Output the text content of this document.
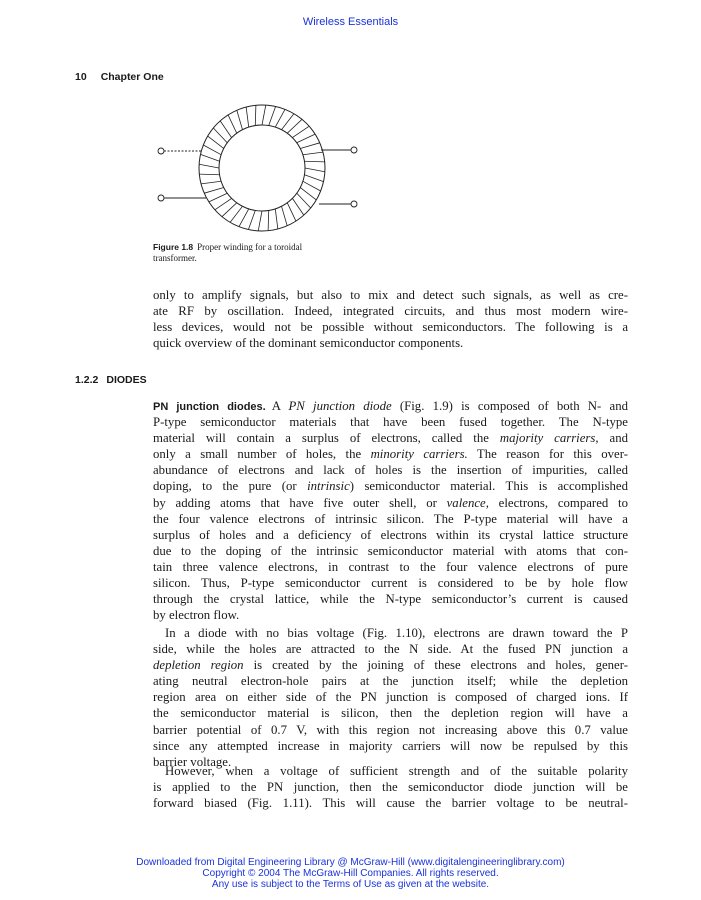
Wireless Essentials
10 Chapter One
Figure 1.8 Proper winding for a toroidal
transformer.
only to amplify signals, but also to mix and detect such signals, as well as cre-
ate RF by oscillation. Indeed, integrated circuits, and thus most modern wire-
less devices, would not be possible without semiconductors. The following is a
quick overview of the dominant semiconductor components.
1.2.2 DIODES
PN junction diodes. A PN junction diode (Fig. 1.9) is composed of both N- and
P-type semiconductor materials that have been fused together. The N-type
material will contain a surplus of electrons, called the majority carriers, and
only a small number of holes, the minority carriers. The reason for this over-
abundance of electrons and lack of holes is the insertion of impurities, called
doping, to the pure (or intrinsic) semiconductor material. This is accomplished
by adding atoms that have five outer shell, or valence, electrons, compared to
the four valence electrons of intrinsic silicon. The P-type material will have a
surplus of holes and a deficiency of electrons within its crystal lattice structure
due to the doping of the intrinsic semiconductor material with atoms that con-
tain three valence electrons, in contrast to the four valence electrons of pure
silicon. Thus, P-type semiconductor current is considered to be by hole flow
through the crystal lattice, while the N-type semiconductor’s current is caused
by electron flow.
In a diode with no bias voltage (Fig. 1.10), electrons are drawn toward the P
side, while the holes are attracted to the N side. At the fused PN junction a
depletion region is created by the joining of these electrons and holes, gener-
ating neutral electron-hole pairs at the junction itself; while the depletion
region area on either side of the PN junction is composed of charged ions. If
the semiconductor material is silicon, then the depletion region will have a
barrier potential of 0.7 V, with this region not increasing above this 0.7 value
since any attempted increase in majority carriers will now be repulsed by this
barrier voltage.
However, when a voltage of sufficient strength and of the suitable polarity
is applied to the PN junction, then the semiconductor diode junction will be
forward biased (Fig. 1.11). This will cause the barrier voltage to be neutral-
Downloaded from Digital Engineering Library @ McGraw-Hill (www.digitalengineeringlibrary.com)
Copyright © 2004 The McGraw-Hill Companies. All rights reserved.
Any use is subject to the Terms of Use as given at the website.
